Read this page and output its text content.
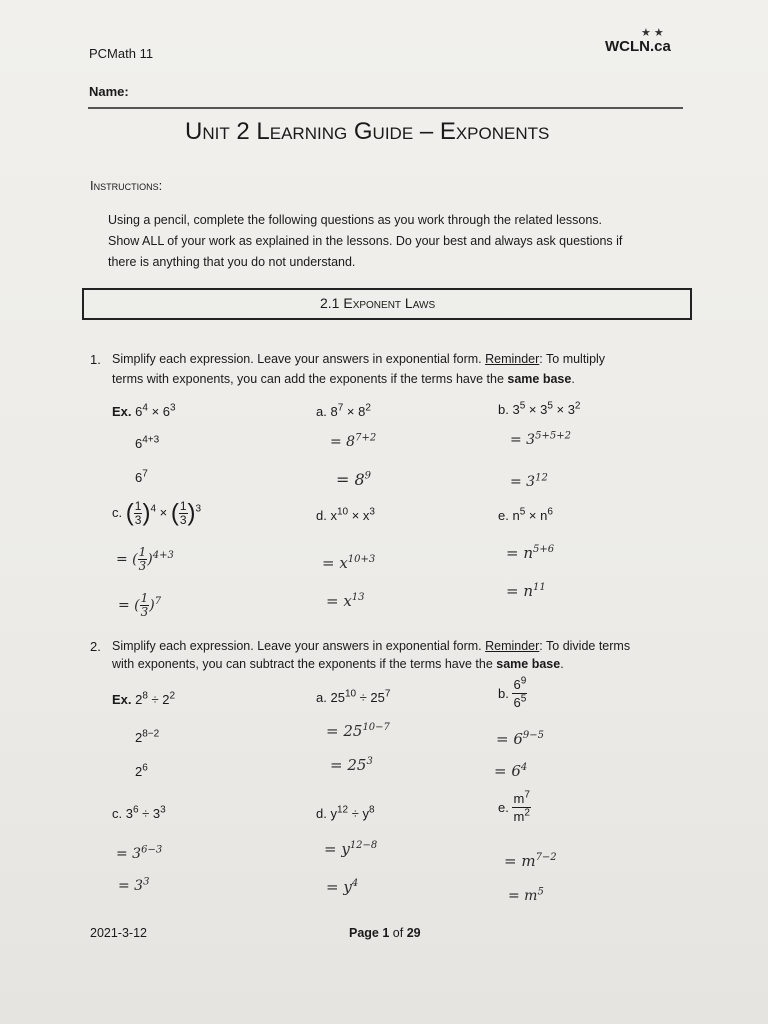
PCMath 11
★ ★
WCLN.ca
Name:
Unit 2 Learning Guide – Exponents
Instructions:
Using a pencil, complete the following questions as you work through the related lessons.
Show ALL of your work as explained in the lessons. Do your best and always ask questions if
there is anything that you do not understand.
2.1 Exponent Laws
1. Simplify each expression. Leave your answers in exponential form. Reminder: To multiply
terms with exponents, you can add the exponents if the terms have the same base.
Ex. $6^4 \times 6^3$
$6^{4+3}$
$6^7$
a. $8^7 \times 8^2$
= $8^{7+2}$
= $8^9$
b. $3^5 \times 3^5 \times 3^2$
= $3^{5+5+2}$
= $3^{12}$
c. ( $\frac{1}{3} )^4$ × ( $\frac{1}{3} )^3$
= ( $\frac{1}{3} )^{4+3}$
= ( $\frac{1}{3} )^7$
d. $x^{10} \times x^3$
= $x^{10+3}$
= $x^{13}$
e. $n^5 \times n^6$
= $n^{5+6}$
= $n^{11}$
2. Simplify each expression. Leave your answers in exponential form. Reminder: To divide terms
with exponents, you can subtract the exponents if the terms have the same base.
Ex. $2^8 \div 2^2$
$2^{8-2}$
$2^6$
a. $25^{10} \div 25^7$
= $25^{10-7}$
= $25^3$
b. $\frac{6^9}{6^5}$
= $6^{9-5}$
= $6^4$
c. $3^6 \div 3^3$
= $3^{6-3}$
= $3^3$
d. $y^{12} \div y^8$
= $y^{12-8}$
= $y^4$
e. $\frac{m^7}{m^2}$
= $m^{7-2}$
= $m^5$
2021-3-12	Page 1 of 29
